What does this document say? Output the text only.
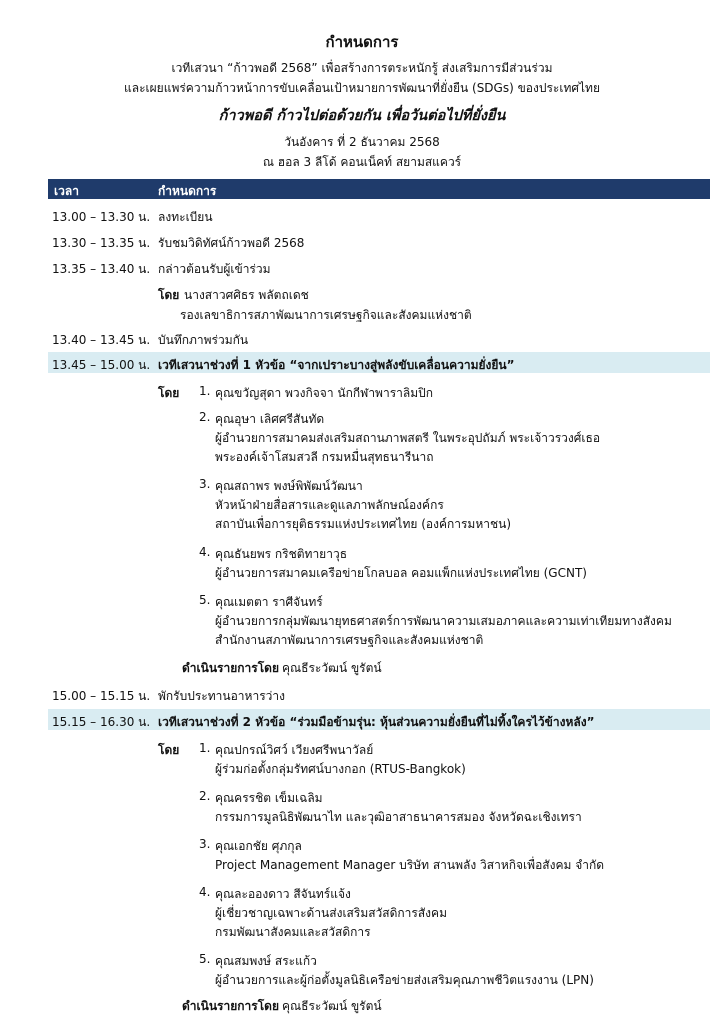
กำหนดการ
เวทีเสวนา “ก้าวพอดี 2568” เพื่อสร้างการตระหนักรู้ ส่งเสริมการมีส่วนร่วม
และเผยแพร่ความก้าวหน้าการขับเคลื่อนเป้าหมายการพัฒนาที่ยั่งยืน (SDGs) ของประเทศไทย
ก้าวพอดี ก้าวไปต่อด้วยกัน เพื่อวันต่อไปที่ยั่งยืน
วันอังคาร ที่ 2 ธันวาคม 2568
ณ ฮอล 3 ลีโด้ คอนเน็คท์ สยามสแควร์
เวลา	กำหนดการ
13.00 – 13.30 น. ลงทะเบียน
13.30 – 13.35 น. รับชมวิดิทัศน์ก้าวพอดี 2568
13.35 – 13.40 น. กล่าวต้อนรับผู้เข้าร่วม
โดย นางสาวศศิธร พลัตถเดช
รองเลขาธิการสภาพัฒนาการเศรษฐกิจและสังคมแห่งชาติ
13.40 – 13.45 น. บันทึกภาพร่วมกัน
13.45 – 15.00 น. เวทีเสวนาช่วงที่ 1 หัวข้อ “จากเปราะบางสู่พลังขับเคลื่อนความยั่งยืน”
โดย 1. คุณขวัญสุดา พวงกิจจา นักกีฬาพาราลิมปิก
2. คุณอุษา เลิศศรีสันทัด
ผู้อำนวยการสมาคมส่งเสริมสถานภาพสตรี ในพระอุปถัมภ์ พระเจ้าวรวงศ์เธอ
พระองค์เจ้าโสมสวลี กรมหมื่นสุทธนารีนาถ
3. คุณสถาพร พงษ์พิพัฒน์วัฒนา
หัวหน้าฝ่ายสื่อสารและดูแลภาพลักษณ์องค์กร
สถาบันเพื่อการยุติธรรมแห่งประเทศไทย (องค์การมหาชน)
4. คุณธันยพร กริชติทายาวุธ
ผู้อำนวยการสมาคมเครือข่ายโกลบอล คอมแพ็กแห่งประเทศไทย (GCNT)
5. คุณเมตตา ราศีจันทร์
ผู้อำนวยการกลุ่มพัฒนายุทธศาสตร์การพัฒนาความเสมอภาคและความเท่าเทียมทางสังคม
สำนักงานสภาพัฒนาการเศรษฐกิจและสังคมแห่งชาติ
ดำเนินรายการโดย คุณธีระวัฒน์ ขูรัตน์
15.00 – 15.15 น. พักรับประทานอาหารว่าง
15.15 – 16.30 น. เวทีเสวนาช่วงที่ 2 หัวข้อ “ร่วมมือข้ามรุ่น: หุ้นส่วนความยั่งยืนที่ไม่ทิ้งใครไว้ข้างหลัง”
โดย 1. คุณปกรณ์วิศว์ เวียงศรีพนาวัลย์
ผู้ร่วมก่อตั้งกลุ่มรัทศน์บางกอก (RTUS-Bangkok)
2. คุณครรชิต เข็มเฉลิม
กรรมการมูลนิธิพัฒนาไท และวุฒิอาสาธนาคารสมอง จังหวัดฉะเชิงเทรา
3. คุณเอกชัย ศุภกุล
Project Management Manager บริษัท สานพลัง วิสาหกิจเพื่อสังคม จำกัด
4. คุณละอองดาว สีจันทร์แจ้ง
ผู้เชี่ยวชาญเฉพาะด้านส่งเสริมสวัสดิการสังคม
กรมพัฒนาสังคมและสวัสดิการ
5. คุณสมพงษ์ สระแก้ว
ผู้อำนวยการและผู้ก่อตั้งมูลนิธิเครือข่ายส่งเสริมคุณภาพชีวิตแรงงาน (LPN)
ดำเนินรายการโดย คุณธีระวัฒน์ ขูรัตน์
